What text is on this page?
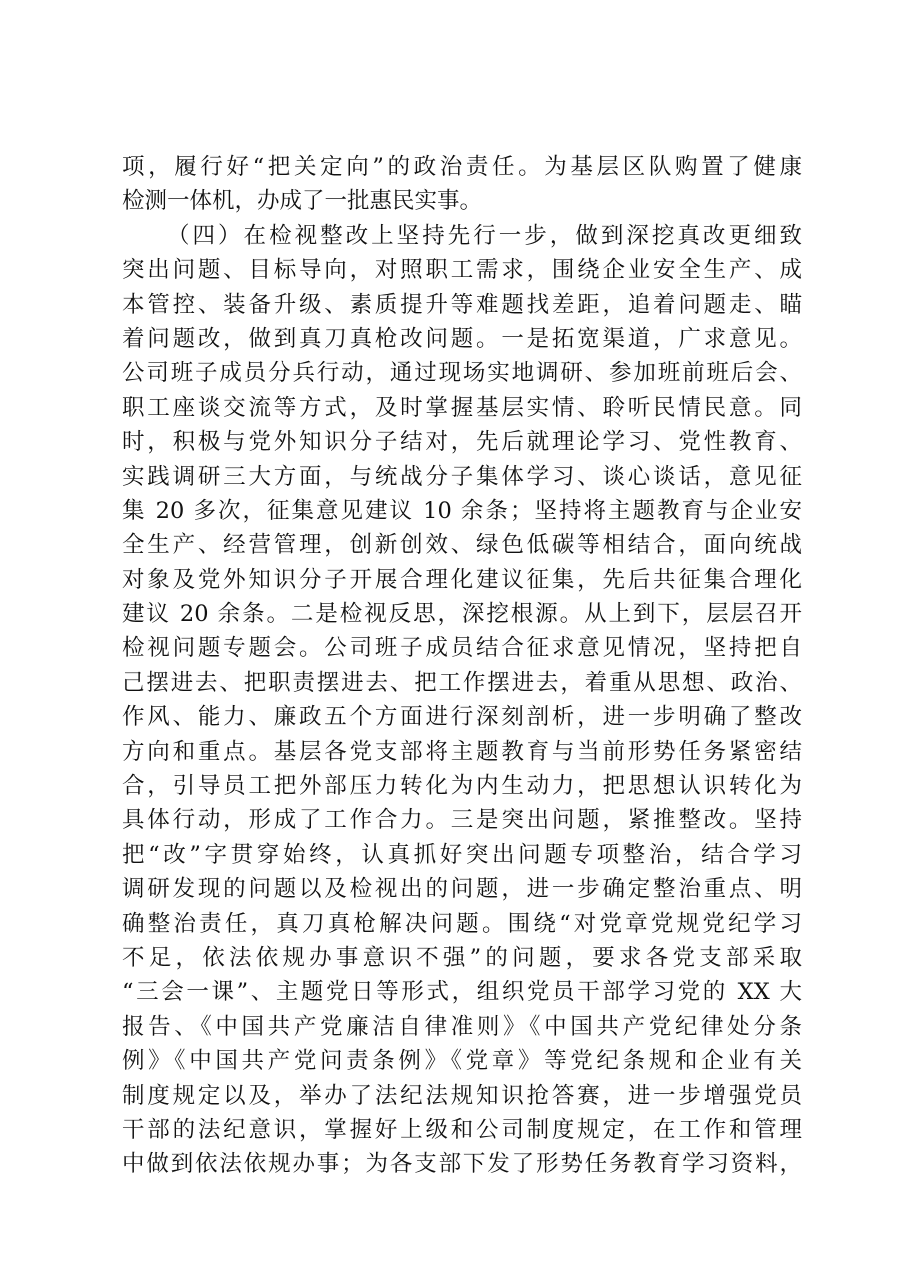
项，履行好“把关定向”的政治责任。为基层区队购置了健康
检测一体机，办成了一批惠民实事。
（四）在检视整改上坚持先行一步，做到深挖真改更细致
突出问题、目标导向，对照职工需求，围绕企业安全生产、成
本管控、装备升级、素质提升等难题找差距，追着问题走、瞄
着问题改，做到真刀真枪改问题。一是拓宽渠道，广求意见。
公司班子成员分兵行动，通过现场实地调研、参加班前班后会、
职工座谈交流等方式，及时掌握基层实情、聆听民情民意。同
时，积极与党外知识分子结对，先后就理论学习、党性教育、
实践调研三大方面，与统战分子集体学习、谈心谈话，意见征
集 20 多次，征集意见建议 10 余条；坚持将主题教育与企业安
全生产、经营管理，创新创效、绿色低碳等相结合，面向统战
对象及党外知识分子开展合理化建议征集，先后共征集合理化
建议 20 余条。二是检视反思，深挖根源。从上到下，层层召开
检视问题专题会。公司班子成员结合征求意见情况，坚持把自
己摆进去、把职责摆进去、把工作摆进去，着重从思想、政治、
作风、能力、廉政五个方面进行深刻剖析，进一步明确了整改
方向和重点。基层各党支部将主题教育与当前形势任务紧密结
合，引导员工把外部压力转化为内生动力，把思想认识转化为
具体行动，形成了工作合力。三是突出问题，紧推整改。坚持
把“改”字贯穿始终，认真抓好突出问题专项整治，结合学习
调研发现的问题以及检视出的问题，进一步确定整治重点、明
确整治责任，真刀真枪解决问题。围绕“对党章党规党纪学习
不足，依法依规办事意识不强”的问题，要求各党支部采取
“三会一课”、主题党日等形式，组织党员干部学习党的 XX 大
报告、《中国共产党廉洁自律准则》《中国共产党纪律处分条
例》《中国共产党问责条例》《党章》等党纪条规和企业有关
制度规定以及，举办了法纪法规知识抢答赛，进一步增强党员
干部的法纪意识，掌握好上级和公司制度规定，在工作和管理
中做到依法依规办事；为各支部下发了形势任务教育学习资料，
